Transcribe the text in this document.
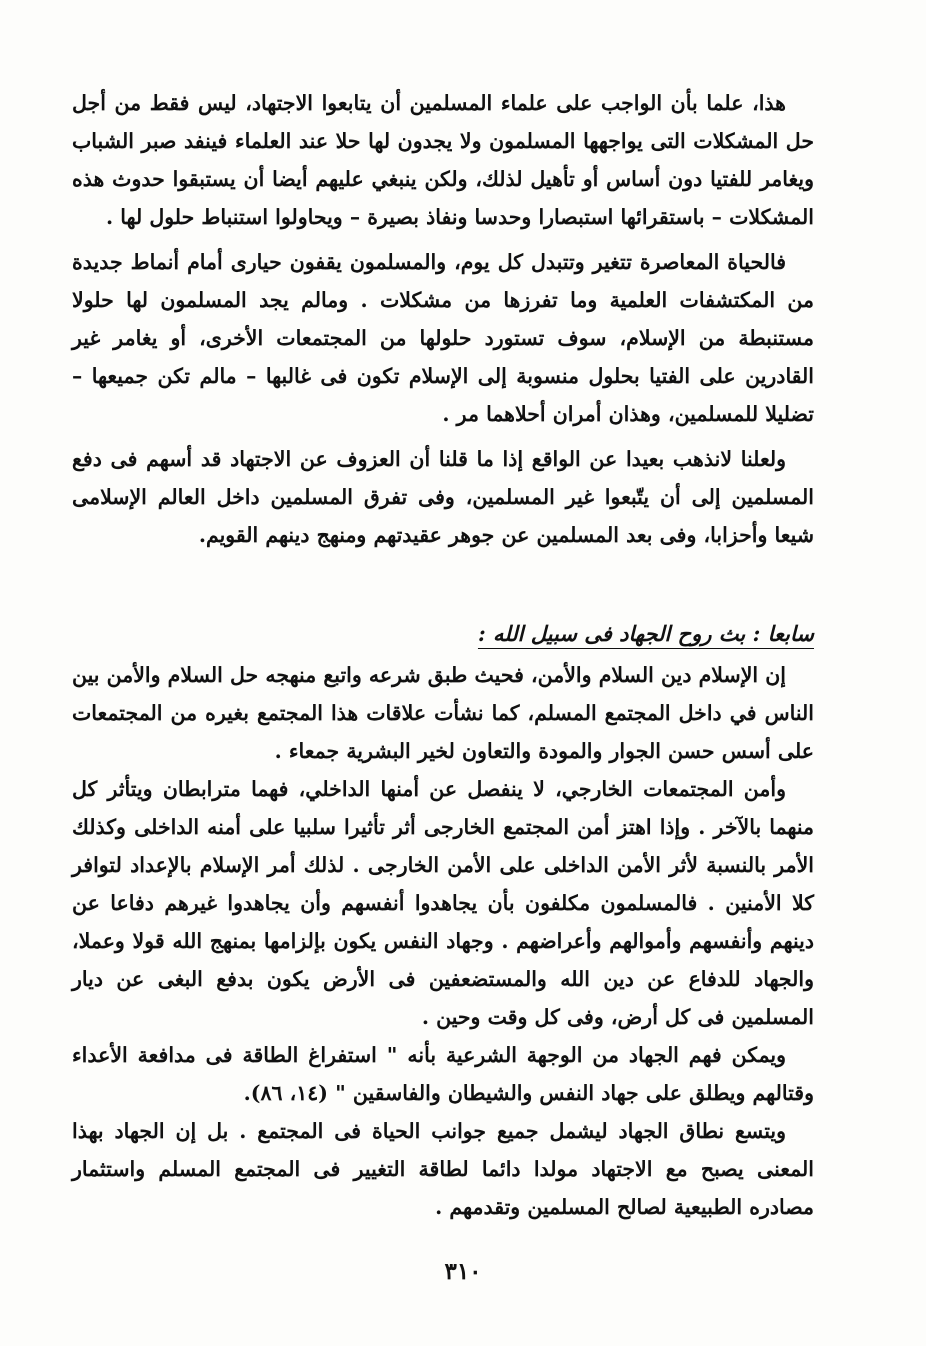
هذا، علما بأن الواجب على علماء المسلمين أن يتابعوا الاجتهاد، ليس فقط من أجل حل المشكلات التى يواجهها المسلمون ولا يجدون لها حلا عند العلماء فينفد صبر الشباب ويغامر للفتيا دون أساس أو تأهيل لذلك، ولكن ينبغي عليهم أيضا أن يستبقوا حدوث هذه المشكلات – باستقرائها استبصارا وحدسا ونفاذ بصيرة – ويحاولوا استنباط حلول لها .

فالحياة المعاصرة تتغير وتتبدل كل يوم، والمسلمون يقفون حيارى أمام أنماط جديدة من المكتشفات العلمية وما تفرزها من مشكلات . ومالم يجد المسلمون لها حلولا مستنبطة من الإسلام، سوف تستورد حلولها من المجتمعات الأخرى، أو يغامر غير القادرين على الفتيا بحلول منسوبة إلى الإسلام تكون فى غالبها – مالم تكن جميعها – تضليلا للمسلمين، وهذان أمران أحلاهما مر .

ولعلنا لانذهب بعيدا عن الواقع إذا ما قلنا أن العزوف عن الاجتهاد قد أسهم فى دفع المسلمين إلى أن يتّبعوا غير المسلمين، وفى تفرق المسلمين داخل العالم الإسلامى شيعا وأحزابا، وفى بعد المسلمين عن جوهر عقيدتهم ومنهج دينهم القويم.

سابعا : بث روح الجهاد فى سبيل الله :

إن الإسلام دين السلام والأمن، فحيث طبق شرعه واتبع منهجه حل السلام والأمن بين الناس في داخل المجتمع المسلم، كما نشأت علاقات هذا المجتمع بغيره من المجتمعات على أسس حسن الجوار والمودة والتعاون لخير البشرية جمعاء .

وأمن المجتمعات الخارجي، لا ينفصل عن أمنها الداخلي، فهما مترابطان ويتأثر كل منهما بالآخر . وإذا اهتز أمن المجتمع الخارجى أثر تأثيرا سلبيا على أمنه الداخلى وكذلك الأمر بالنسبة لأثر الأمن الداخلى على الأمن الخارجى . لذلك أمر الإسلام بالإعداد لتوافر كلا الأمنين . فالمسلمون مكلفون بأن يجاهدوا أنفسهم وأن يجاهدوا غيرهم دفاعا عن دينهم وأنفسهم وأموالهم وأعراضهم . وجهاد النفس يكون بإلزامها بمنهج الله قولا وعملا، والجهاد للدفاع عن دين الله والمستضعفين فى الأرض يكون بدفع البغى عن ديار المسلمين فى كل أرض، وفى كل وقت وحين .

ويمكن فهم الجهاد من الوجهة الشرعية بأنه " استفراغ الطاقة فى مدافعة الأعداء وقتالهم ويطلق على جهاد النفس والشيطان والفاسقين " (١٤، ٨٦).

ويتسع نطاق الجهاد ليشمل جميع جوانب الحياة فى المجتمع . بل إن الجهاد بهذا المعنى يصبح مع الاجتهاد مولدا دائما لطاقة التغيير فى المجتمع المسلم واستثمار مصادره الطبيعية لصالح المسلمين وتقدمهم .

٣١٠
